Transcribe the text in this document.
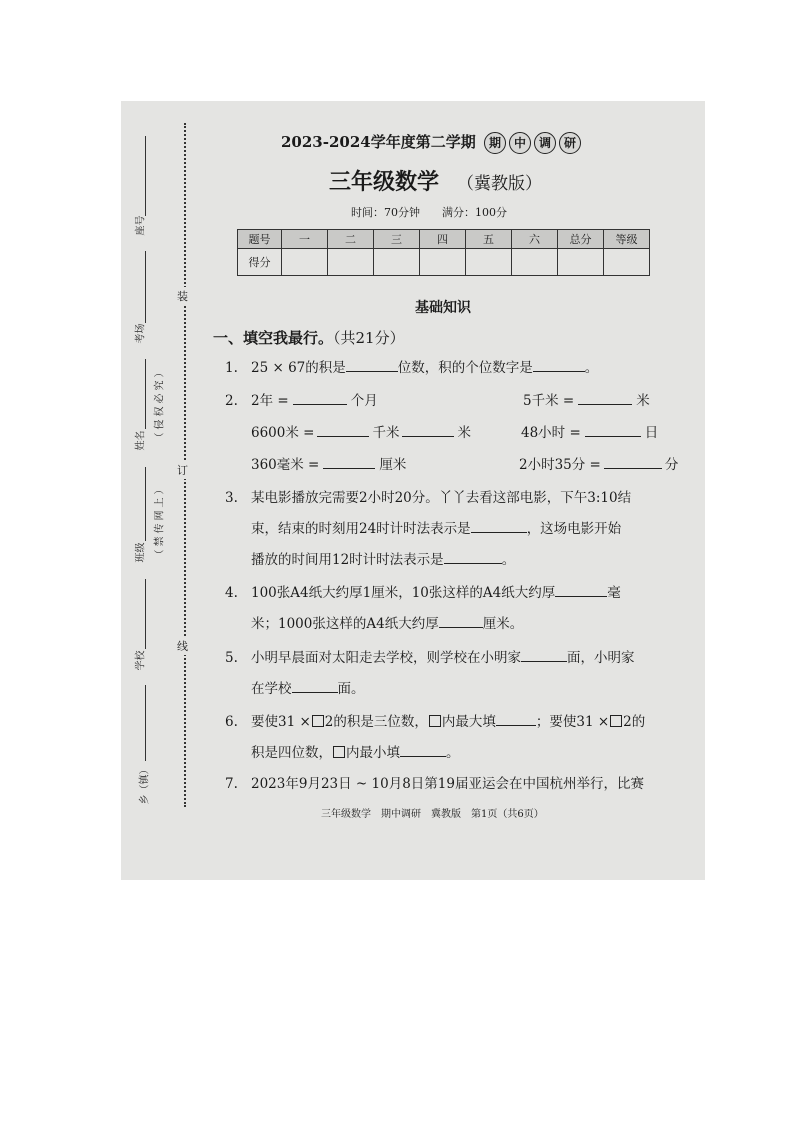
座号
考场
姓名
班级
学校
乡（镇）
（侵权必究）
（禁传网上）
装
订
线
2023-2024学年度第二学期 期 中 调 研
三年级数学 （冀教版）
时间：70分钟 满分：100分
题号	一	二	三	四	五	六	总分	等级
得分								
基础知识
一、填空我最行。（共21分）
1. 25 × 67的积是	位数，积的个位数字是	。
2. 2年 =	个月	5千米 =	米
6600米 =	千米	米	48小时 =	日
360毫米 =	厘米	2小时35分 =	分
3. 某电影播放完需要2小时20分。丫丫去看这部电影，下午3:10结
束，结束的时刻用24时计时法表示是	，这场电影开始
播放的时间用12时计时法表示是	。
4. 100张A4纸大约厚1厘米，10张这样的A4纸大约厚	毫
米；1000张这样的A4纸大约厚	厘米。
5. 小明早晨面对太阳走去学校，则学校在小明家	面，小明家
在学校	面。
6. 要使31 × 2的积是三位数， 内最大填	；要使31 × 2的
积是四位数， 内最小填	。
7. 2023年9月23日 ~ 10月8日第19届亚运会在中国杭州举行，比赛
三年级数学　期中调研　冀教版　第1页（共6页）
